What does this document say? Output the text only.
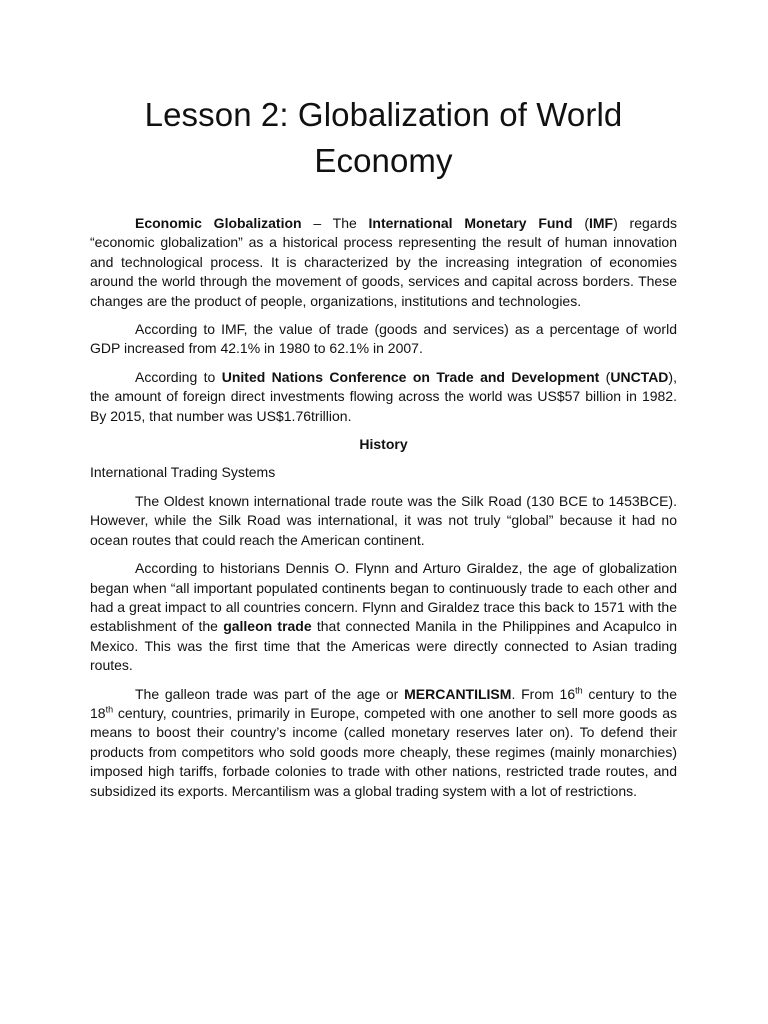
Lesson 2: Globalization of World Economy

Economic Globalization – The International Monetary Fund (IMF) regards “economic globalization” as a historical process representing the result of human innovation and technological process. It is characterized by the increasing integration of economies around the world through the movement of goods, services and capital across borders. These changes are the product of people, organizations, institutions and technologies.

According to IMF, the value of trade (goods and services) as a percentage of world GDP increased from 42.1% in 1980 to 62.1% in 2007.

According to United Nations Conference on Trade and Development (UNCTAD), the amount of foreign direct investments flowing across the world was US$57 billion in 1982. By 2015, that number was US$1.76trillion.

History

International Trading Systems

The Oldest known international trade route was the Silk Road (130 BCE to 1453BCE). However, while the Silk Road was international, it was not truly “global” because it had no ocean routes that could reach the American continent.

According to historians Dennis O. Flynn and Arturo Giraldez, the age of globalization began when “all important populated continents began to continuously trade to each other and had a great impact to all countries concern. Flynn and Giraldez trace this back to 1571 with the establishment of the galleon trade that connected Manila in the Philippines and Acapulco in Mexico. This was the first time that the Americas were directly connected to Asian trading routes.

The galleon trade was part of the age or MERCANTILISM. From 16th century to the 18th century, countries, primarily in Europe, competed with one another to sell more goods as means to boost their country’s income (called monetary reserves later on). To defend their products from competitors who sold goods more cheaply, these regimes (mainly monarchies) imposed high tariffs, forbade colonies to trade with other nations, restricted trade routes, and subsidized its exports. Mercantilism was a global trading system with a lot of restrictions.
